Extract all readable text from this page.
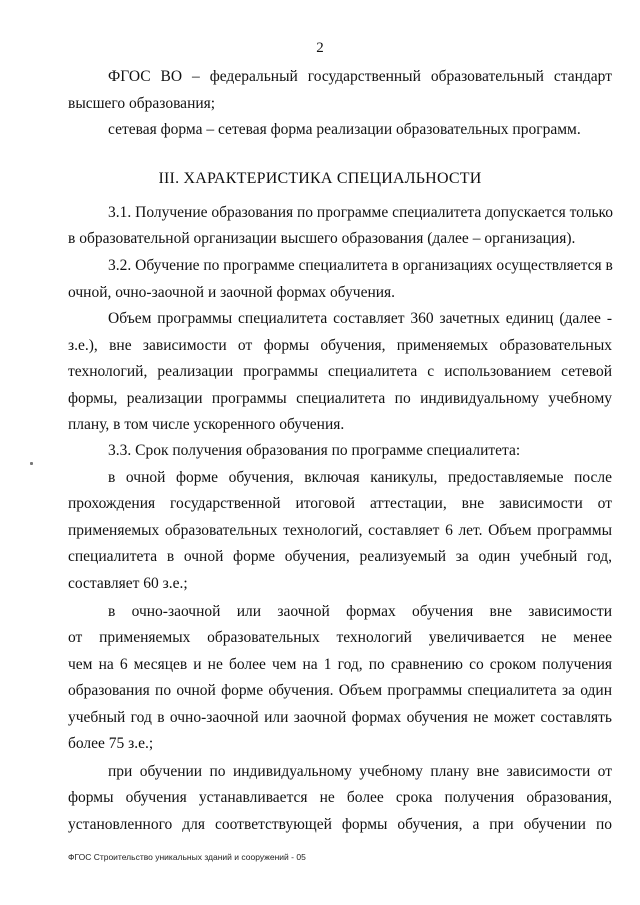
2
ФГОС ВО – федеральный государственный образовательный стандарт
высшего образования;
сетевая форма – сетевая форма реализации образовательных программ.
III. ХАРАКТЕРИСТИКА СПЕЦИАЛЬНОСТИ
3.1. Получение образования по программе специалитета допускается только
в образовательной организации высшего образования (далее – организация).
3.2. Обучение по программе специалитета в организациях осуществляется в
очной, очно-заочной и заочной формах обучения.
Объем программы специалитета составляет 360 зачетных единиц (далее -
з.е.), вне зависимости от формы обучения, применяемых образовательных
технологий, реализации программы специалитета с использованием сетевой
формы, реализации программы специалитета по индивидуальному учебному
плану, в том числе ускоренного обучения.
3.3. Срок получения образования по программе специалитета:
в очной форме обучения, включая каникулы, предоставляемые после
прохождения государственной итоговой аттестации, вне зависимости от
применяемых образовательных технологий, составляет 6 лет. Объем программы
специалитета в очной форме обучения, реализуемый за один учебный год,
составляет 60 з.е.;
в очно-заочной или заочной формах обучения вне зависимости
от применяемых образовательных технологий увеличивается не менее
чем на 6 месяцев и не более чем на 1 год, по сравнению со сроком получения
образования по очной форме обучения. Объем программы специалитета за один
учебный год в очно-заочной или заочной формах обучения не может составлять
более 75 з.е.;
при обучении по индивидуальному учебному плану вне зависимости от
формы обучения устанавливается не более срока получения образования,
установленного для соответствующей формы обучения, а при обучении по
ФГОС Строительство уникальных зданий и сооружений - 05
